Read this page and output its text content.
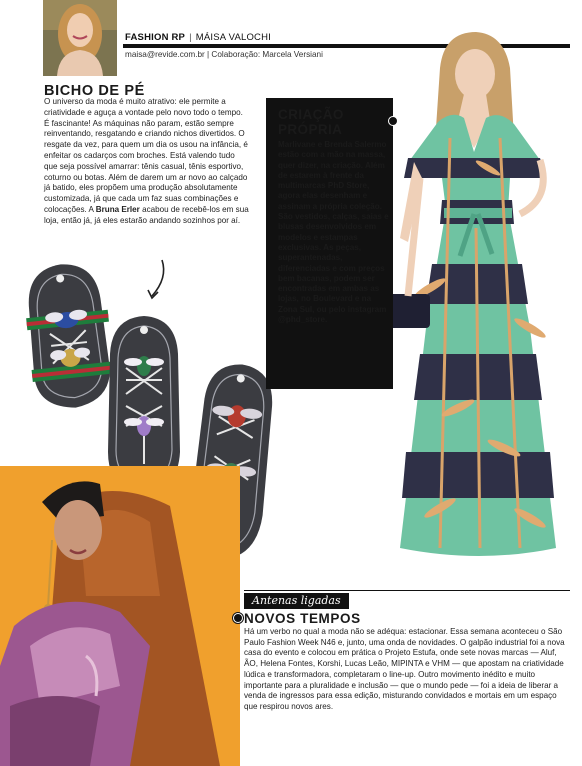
FASHION RP | MÁISA VALOCHI
maisa@revide.com.br | Colaboração: Marcela Versiani
BICHO DE PÉ
O universo da moda é muito atrativo: ele permite a criatividade e aguça a vontade pelo novo todo o tempo. É fascinante! As máquinas não param, estão sempre reinventando, resgatando e criando nichos divertidos. O resgate da vez, para quem um dia os usou na infância, é enfeitar os cadarços com broches. Está valendo tudo que seja possível amarrar: tênis casual, tênis esportivo, coturno ou botas. Além de darem um ar novo ao calçado já batido, eles propõem uma produção absolutamente customizada, já que cada um faz suas combinações e colocações. A Bruna Erler acabou de recebê-los em sua loja, então já, já eles estarão andando sozinhos por aí.
CRIAÇÃO PRÓPRIA
Marlivane e Brenda Salermo estão com a mão na massa, quer dizer, na criação. Além de estarem à frente da multimarcas PhD Store, agora elas desenham e assinam a própria coleção. São vestidos, calças, saias e blusas desenvolvidos em modelos e estampas exclusivas. As peças, superantenadas, diferenciadas e com preços bem bacanas, podem ser encontradas em ambas as lojas, no Boulevard e na Zona Sul, ou pelo instagram @phd_store.
Antenas ligadas
NOVOS TEMPOS
Há um verbo no qual a moda não se adéqua: estacionar. Essa semana aconteceu o São Paulo Fashion Week N46 e, junto, uma onda de novidades. O galpão industrial foi a nova casa do evento e colocou em prática o Projeto Estufa, onde sete novas marcas — Aluf, ÃO, Helena Fontes, Korshi, Lucas Leão, MIPINTA e VHM — que apostam na criatividade lúdica e transformadora, completaram o line-up. Outro movimento inédito e muito importante para a pluralidade e inclusão — que o mundo pede — foi a ideia de liberar a venda de ingressos para essa edição, misturando convidados e mortais em um espaço que respirou novos ares.
